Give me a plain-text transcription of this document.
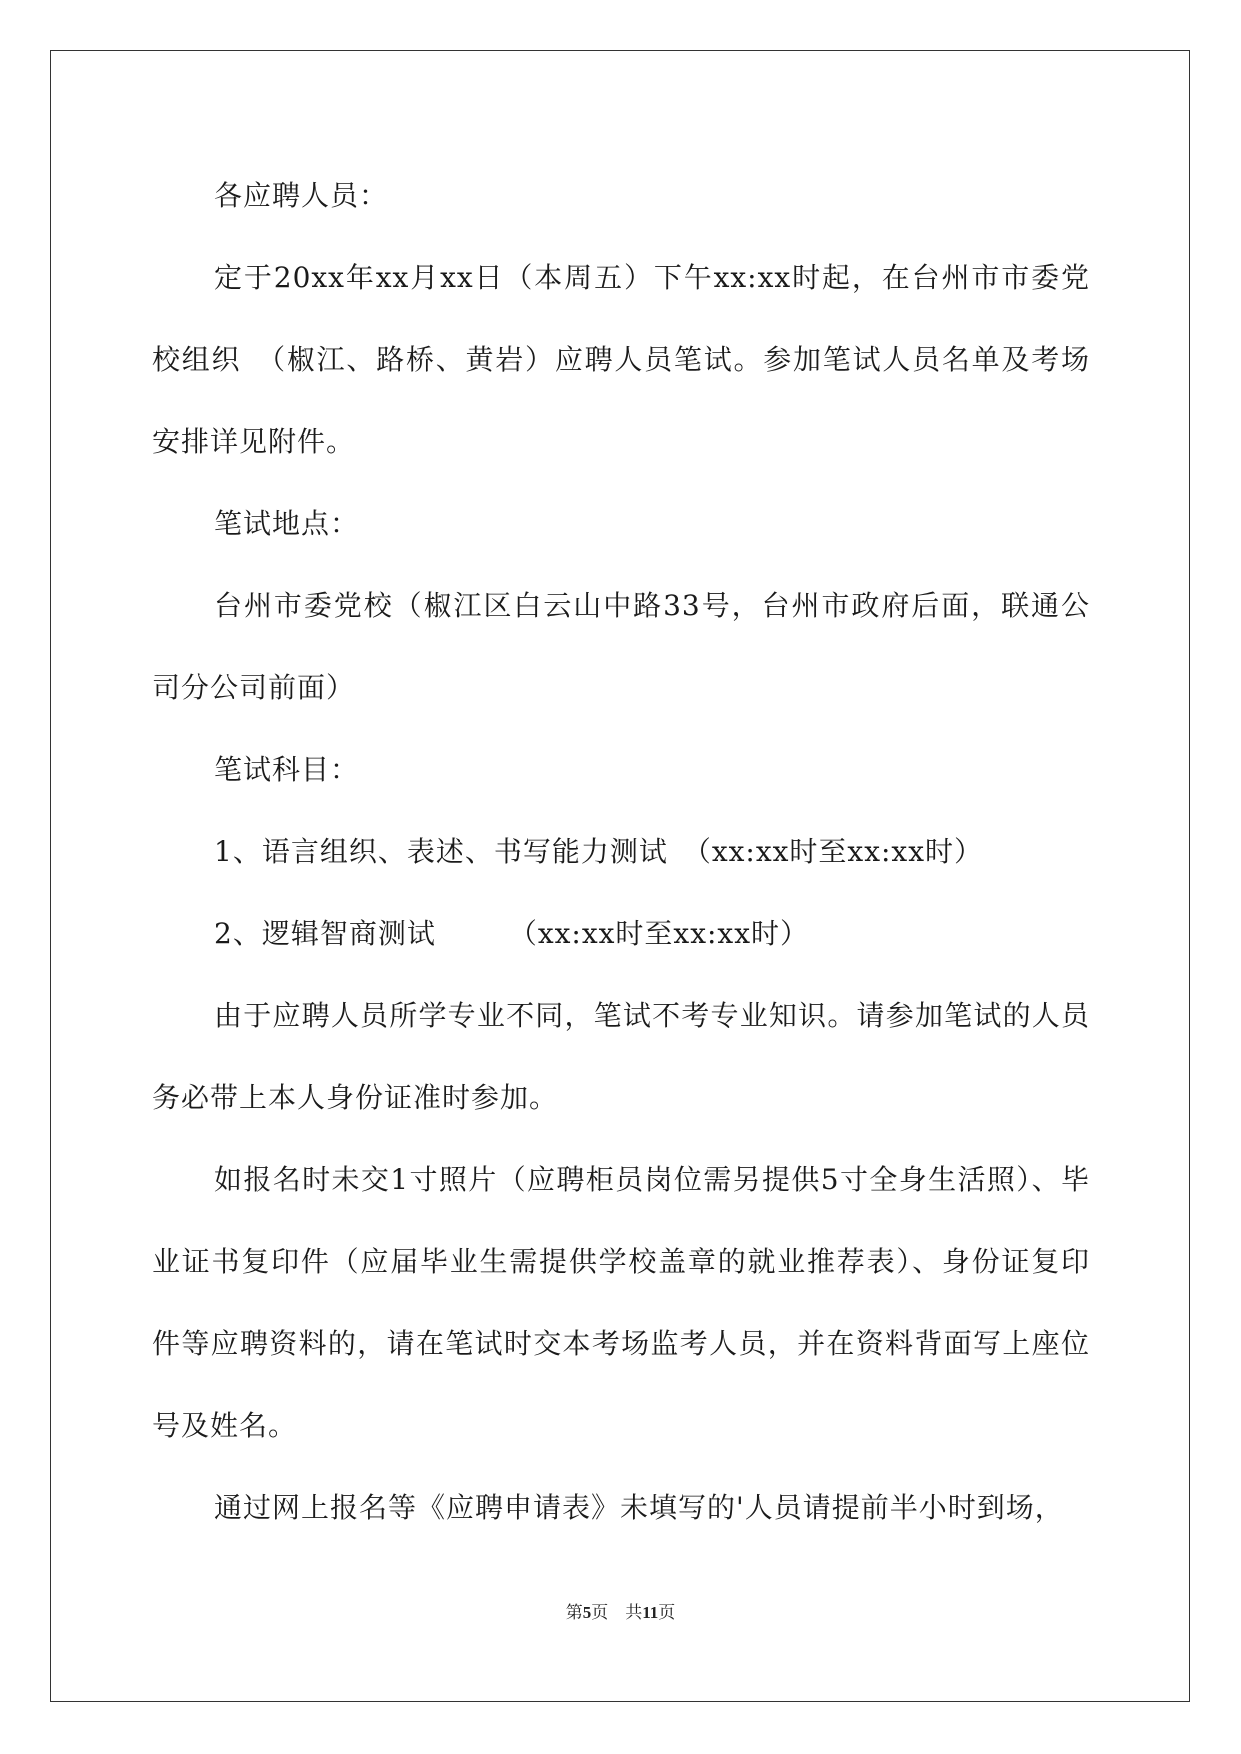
各应聘人员：

定于20xx年xx月xx日（本周五）下午xx:xx时起，在台州市市委党校组织　（椒江、路桥、黄岩）应聘人员笔试。参加笔试人员名单及考场安排详见附件。

笔试地点：

台州市委党校（椒江区白云山中路33号，台州市政府后面，联通公司分公司前面）

笔试科目：

1、语言组织、表述、书写能力测试　（xx:xx时至xx:xx时）

2、逻辑智商测试　　　（xx:xx时至xx:xx时）

由于应聘人员所学专业不同，笔试不考专业知识。请参加笔试的人员务必带上本人身份证准时参加。

如报名时未交1寸照片（应聘柜员岗位需另提供5寸全身生活照）、毕业证书复印件（应届毕业生需提供学校盖章的就业推荐表）、身份证复印件等应聘资料的，请在笔试时交本考场监考人员，并在资料背面写上座位号及姓名。

通过网上报名等《应聘申请表》未填写的'人员请提前半小时到场，

第5页　共11页
